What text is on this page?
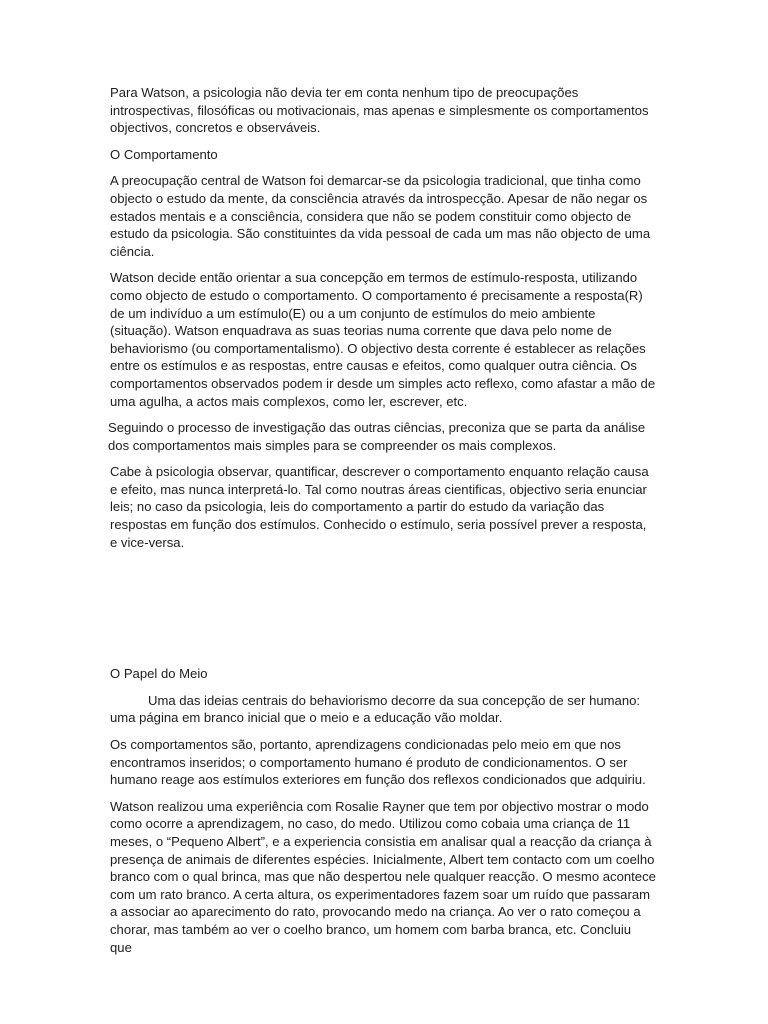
Para Watson, a psicologia não devia ter em conta nenhum tipo de preocupações introspectivas, filosóficas ou motivacionais, mas apenas e simplesmente os comportamentos objectivos, concretos e observáveis.

O Comportamento

A preocupação central de Watson foi demarcar-se da psicologia tradicional, que tinha como objecto o estudo da mente, da consciência através da introspecção. Apesar de não negar os estados mentais e a consciência, considera que não se podem constituir como objecto de estudo da psicologia. São constituintes da vida pessoal de cada um mas não objecto de uma ciência.

Watson decide então orientar a sua concepção em termos de estímulo-resposta, utilizando como objecto de estudo o comportamento. O comportamento é precisamente a resposta(R) de um indivíduo a um estímulo(E) ou a um conjunto de estímulos do meio ambiente (situação). Watson enquadrava as suas teorias numa corrente que dava pelo nome de behaviorismo (ou comportamentalismo). O objectivo desta corrente é establecer as relações entre os estímulos e as respostas, entre causas e efeitos, como qualquer outra ciência. Os comportamentos observados podem ir desde um simples acto reflexo, como afastar a mão de uma agulha, a actos mais complexos, como ler, escrever, etc.

Seguindo o processo de investigação das outras ciências, preconiza que se parta da análise dos comportamentos mais simples para se compreender os mais complexos.

Cabe à psicologia observar, quantificar, descrever o comportamento enquanto relação causa e efeito, mas nunca interpretá-lo. Tal como noutras áreas cientificas, objectivo seria enunciar leis; no caso da psicologia, leis do comportamento a partir do estudo da variação das respostas em função dos estímulos. Conhecido o estímulo, seria possível prever a resposta, e vice-versa.

O Papel do Meio

Uma das ideias centrais do behaviorismo decorre da sua concepção de ser humano: uma página em branco inicial que o meio e a educação vão moldar.

Os comportamentos são, portanto, aprendizagens condicionadas pelo meio em que nos encontramos inseridos; o comportamento humano é produto de condicionamentos. O ser humano reage aos estímulos exteriores em função dos reflexos condicionados que adquiriu.

Watson realizou uma experiência com Rosalie Rayner que tem por objectivo mostrar o modo como ocorre a aprendizagem, no caso, do medo. Utilizou como cobaia uma criança de 11 meses, o “Pequeno Albert”, e a experiencia consistia em analisar qual a reacção da criança à presença de animais de diferentes espécies. Inicialmente, Albert tem contacto com um coelho branco com o qual brinca, mas que não despertou nele qualquer reacção. O mesmo acontece com um rato branco. A certa altura, os experimentadores fazem soar um ruído que passaram a associar ao aparecimento do rato, provocando medo na criança. Ao ver o rato começou a chorar, mas também ao ver o coelho branco, um homem com barba branca, etc. Concluiu que
